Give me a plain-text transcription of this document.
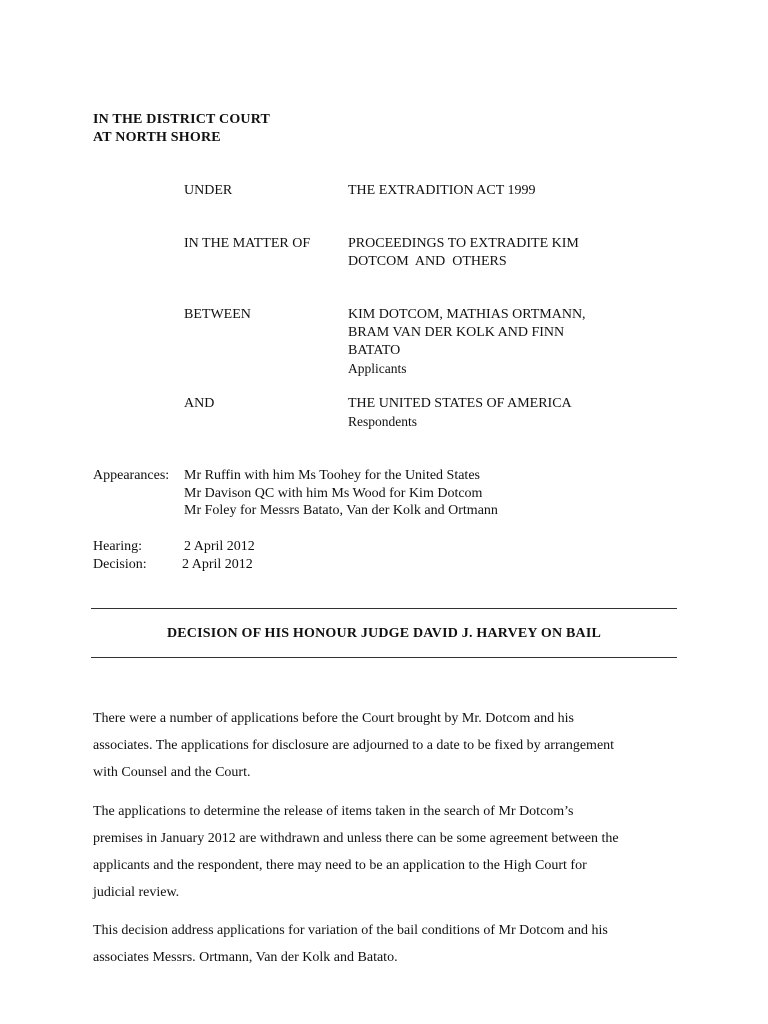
IN THE DISTRICT COURT
AT NORTH SHORE
UNDER	THE EXTRADITION ACT 1999
IN THE MATTER OF	PROCEEDINGS TO EXTRADITE KIM
DOTCOM  AND  OTHERS
BETWEEN	KIM DOTCOM, MATHIAS ORTMANN,
BRAM VAN DER KOLK AND FINN
BATATO
Applicants
AND	THE UNITED STATES OF AMERICA
Respondents
Appearances: Mr Ruffin with him Ms Toohey for the United States
Mr Davison QC with him Ms Wood for Kim Dotcom
Mr Foley for Messrs Batato, Van der Kolk and Ortmann
Hearing:	2 April 2012
Decision:	2 April 2012
DECISION OF HIS HONOUR JUDGE DAVID J. HARVEY ON BAIL
There were a number of applications before the Court brought by Mr. Dotcom and his
associates. The applications for disclosure are adjourned to a date to be fixed by arrangement
with Counsel and the Court.
The applications to determine the release of items taken in the search of Mr Dotcom’s
premises in January 2012 are withdrawn and unless there can be some agreement between the
applicants and the respondent, there may need to be an application to the High Court for
judicial review.
This decision address applications for variation of the bail conditions of Mr Dotcom and his
associates Messrs. Ortmann, Van der Kolk and Batato.
